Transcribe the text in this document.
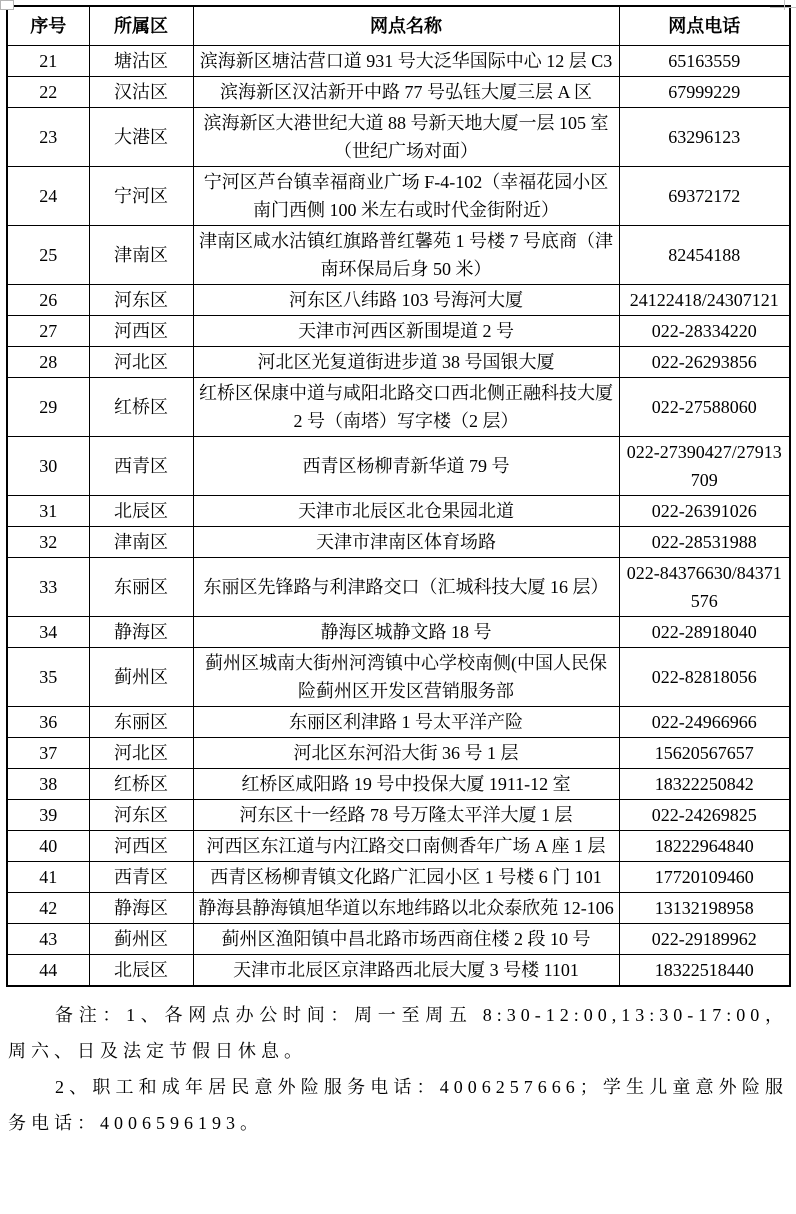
序号	所属区	网点名称	网点电话
21	塘沽区	滨海新区塘沽营口道 931 号大泛华国际中心 12 层 C3	65163559
22	汉沽区	滨海新区汉沽新开中路 77 号弘钰大厦三层 A 区	67999229
23	大港区	滨海新区大港世纪大道 88 号新天地大厦一层 105 室（世纪广场对面）	63296123
24	宁河区	宁河区芦台镇幸福商业广场 F-4-102（幸福花园小区南门西侧 100 米左右或时代金街附近）	69372172
25	津南区	津南区咸水沽镇红旗路普红馨苑 1 号楼 7 号底商（津南环保局后身 50 米）	82454188
26	河东区	河东区八纬路 103 号海河大厦	24122418/24307121
27	河西区	天津市河西区新围堤道 2 号	022-28334220
28	河北区	河北区光复道街进步道 38 号国银大厦	022-26293856
29	红桥区	红桥区保康中道与咸阳北路交口西北侧正融科技大厦 2 号（南塔）写字楼（2 层）	022-27588060
30	西青区	西青区杨柳青新华道 79 号	022-27390427/27913709
31	北辰区	天津市北辰区北仓果园北道	022-26391026
32	津南区	天津市津南区体育场路	022-28531988
33	东丽区	东丽区先锋路与利津路交口（汇城科技大厦 16 层）	022-84376630/84371576
34	静海区	静海区城静文路 18 号	022-28918040
35	蓟州区	蓟州区城南大街州河湾镇中心学校南侧(中国人民保险蓟州区开发区营销服务部	022-82818056
36	东丽区	东丽区利津路 1 号太平洋产险	022-24966966
37	河北区	河北区东河沿大街 36 号 1 层	15620567657
38	红桥区	红桥区咸阳路 19 号中投保大厦 1911-12 室	18322250842
39	河东区	河东区十一经路 78 号万隆太平洋大厦 1 层	022-24269825
40	河西区	河西区东江道与内江路交口南侧香年广场 A 座 1 层	18222964840
41	西青区	西青区杨柳青镇文化路广汇园小区 1 号楼 6 门 101	17720109460
42	静海区	静海县静海镇旭华道以东地纬路以北众泰欣苑 12-106	13132198958
43	蓟州区	蓟州区渔阳镇中昌北路市场西商住楼 2 段 10 号	022-29189962
44	北辰区	天津市北辰区京津路西北辰大厦 3 号楼 1101	18322518440

备注：1、各网点办公时间：周一至周五 8:30-12:00,13:30-17:00，周六、日及法定节假日休息。

2、职工和成年居民意外险服务电话：4006257666；学生儿童意外险服务电话：4006596193。
